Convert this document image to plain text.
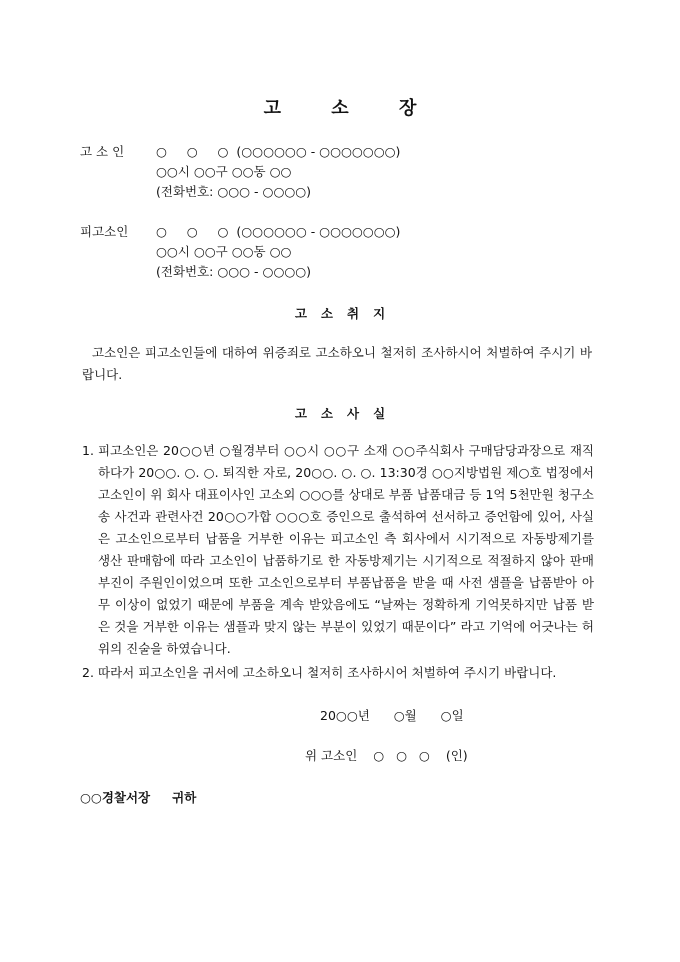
고	소	장
고 소 인	○     ○     ○  (○○○○○○ - ○○○○○○○)
○○시 ○○구 ○○동 ○○
(전화번호: ○○○ - ○○○○)
피고소인	○     ○     ○  (○○○○○○ - ○○○○○○○)
○○시 ○○구 ○○동 ○○
(전화번호: ○○○ - ○○○○)
고 소 취 지
고소인은 피고소인들에 대하여 위증죄로 고소하오니 철저히 조사하시어 처벌하여 주시기 바랍니다.
고 소 사 실
1. 피고소인은 20○○년 ○월경부터 ○○시 ○○구 소재 ○○주식회사 구매담당과장으로 재직하다가 20○○. ○. ○. 퇴직한 자로, 20○○. ○. ○. 13:30경 ○○지방법원 제○호 법정에서 고소인이 위 회사 대표이사인 고소외 ○○○를 상대로 부품 납품대금 등 1억 5천만원 청구소송 사건과 관련사건 20○○가합 ○○○호 증인으로 출석하여 선서하고 증언함에 있어, 사실은 고소인으로부터 납품을 거부한 이유는 피고소인 측 회사에서 시기적으로 자동방제기를 생산 판매함에 따라 고소인이 납품하기로 한 자동방제기는 시기적으로 적절하지 않아 판매부진이 주원인이었으며 또한 고소인으로부터 부품납품을 받을 때 사전 샘플을 납품받아 아무 이상이 없었기 때문에 부품을 계속 받았음에도 “날짜는 정확하게 기억못하지만 납품 받은 것을 거부한 이유는 샘플과 맞지 않는 부분이 있었기 때문이다” 라고 기억에 어긋나는 허위의 진술을 하였습니다.
2. 따라서 피고소인을 귀서에 고소하오니 철저히 조사하시어 처벌하여 주시기 바랍니다.
20○○년  ○월  ○일
위 고소인 ○   ○   ○ (인)
○○경찰서장 귀하
